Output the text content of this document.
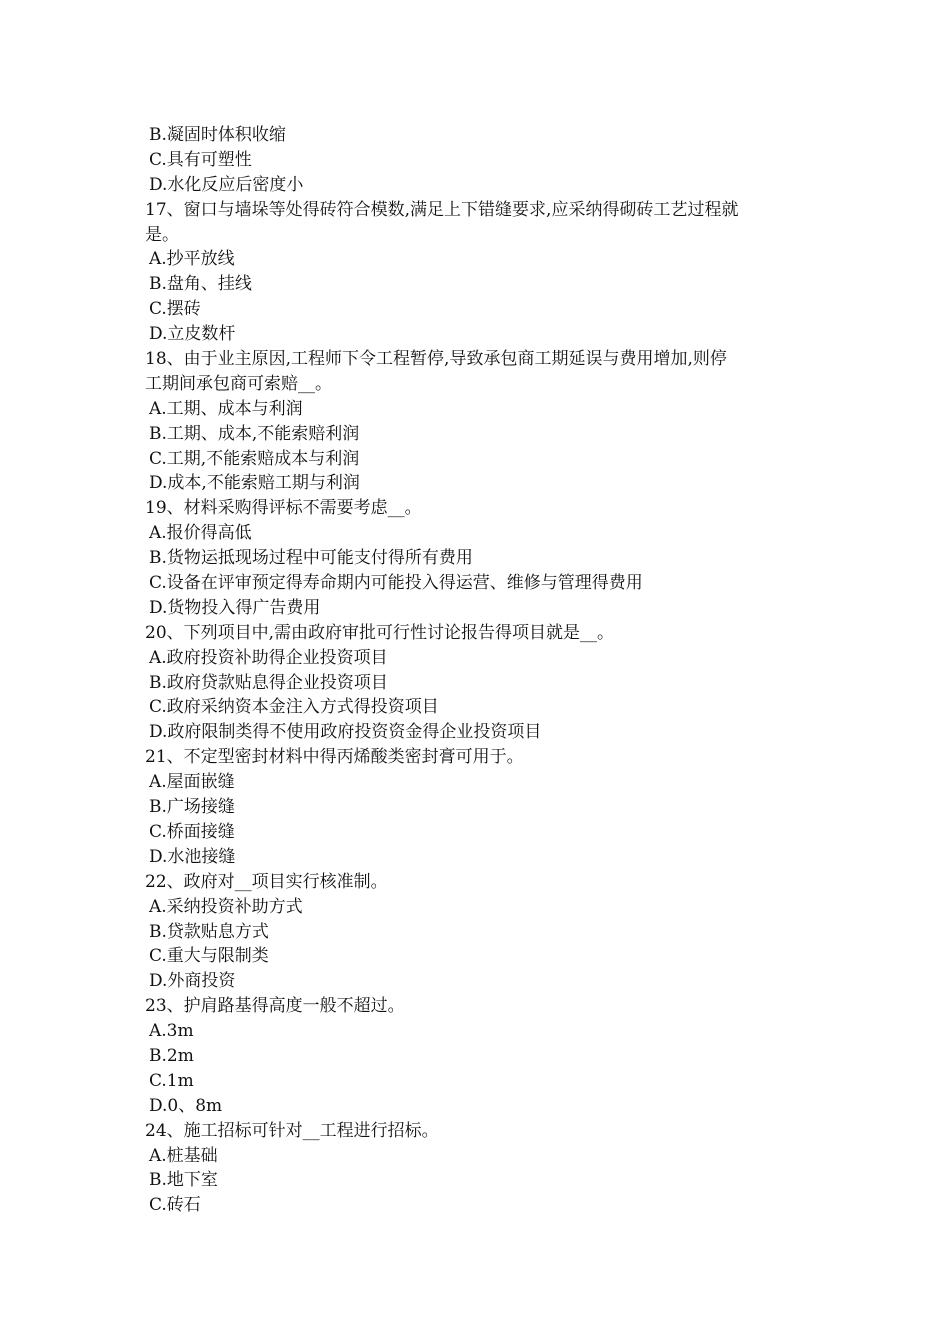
B.凝固时体积收缩
C.具有可塑性
D.水化反应后密度小
17、窗口与墙垛等处得砖符合模数,满足上下错缝要求,应采纳得砌砖工艺过程就
是。
A.抄平放线
B.盘角、挂线
C.摆砖
D.立皮数杆
18、由于业主原因,工程师下令工程暂停,导致承包商工期延误与费用增加,则停
工期间承包商可索赔__。
A.工期、成本与利润
B.工期、成本,不能索赔利润
C.工期,不能索赔成本与利润
D.成本,不能索赔工期与利润
19、材料采购得评标不需要考虑__。
A.报价得高低
B.货物运抵现场过程中可能支付得所有费用
C.设备在评审预定得寿命期内可能投入得运营、维修与管理得费用
D.货物投入得广告费用
20、下列项目中,需由政府审批可行性讨论报告得项目就是__。
A.政府投资补助得企业投资项目
B.政府贷款贴息得企业投资项目
C.政府采纳资本金注入方式得投资项目
D.政府限制类得不使用政府投资资金得企业投资项目
21、不定型密封材料中得丙烯酸类密封膏可用于。
A.屋面嵌缝
B.广场接缝
C.桥面接缝
D.水池接缝
22、政府对__项目实行核准制。
A.采纳投资补助方式
B.贷款贴息方式
C.重大与限制类
D.外商投资
23、护肩路基得高度一般不超过。
A.3m
B.2m
C.1m
D.0、8m
24、施工招标可针对__工程进行招标。
A.桩基础
B.地下室
C.砖石
